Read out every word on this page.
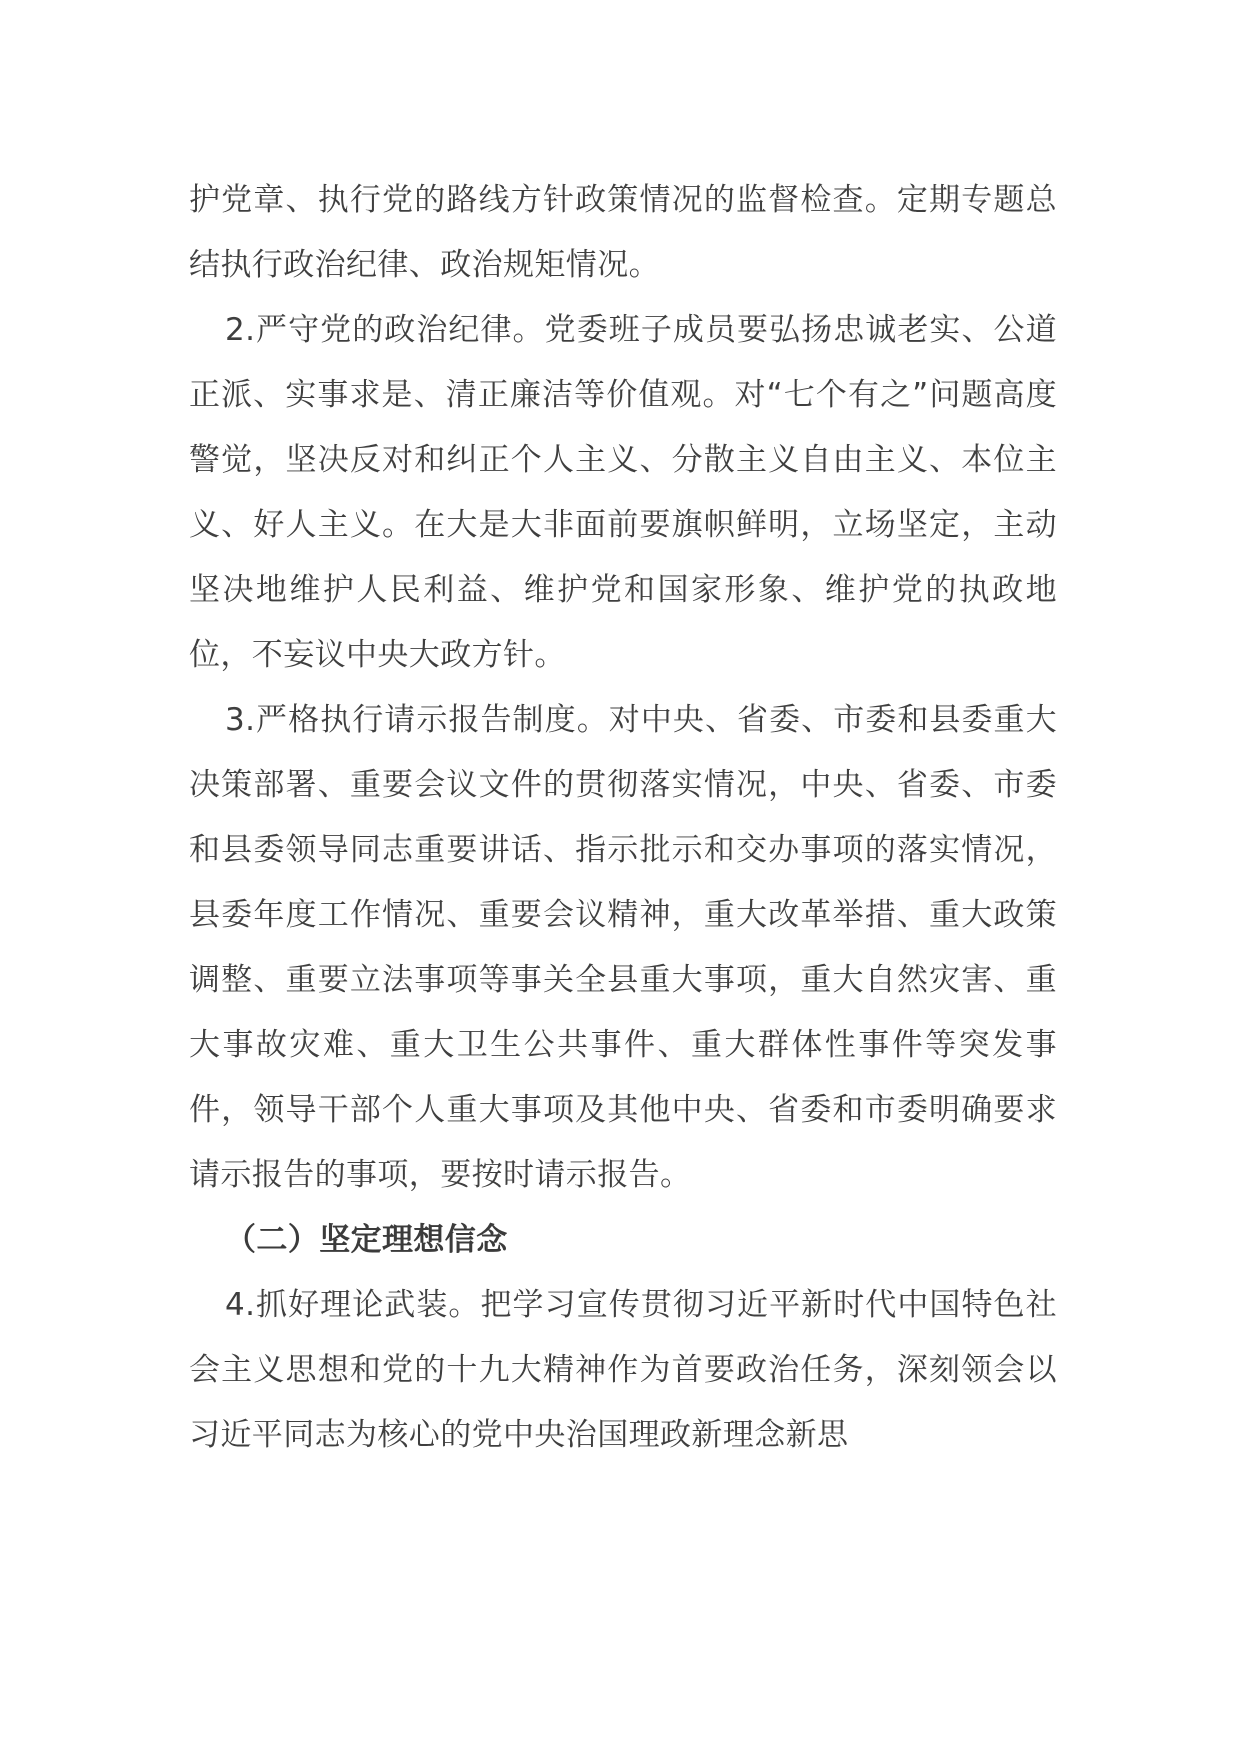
护党章、执行党的路线方针政策情况的监督检查。定期专题总结执行政治纪律、政治规矩情况。

2.严守党的政治纪律。党委班子成员要弘扬忠诚老实、公道正派、实事求是、清正廉洁等价值观。对“七个有之”问题高度警觉，坚决反对和纠正个人主义、分散主义自由主义、本位主义、好人主义。在大是大非面前要旗帜鲜明，立场坚定，主动坚决地维护人民利益、维护党和国家形象、维护党的执政地位，不妄议中央大政方针。

3.严格执行请示报告制度。对中央、省委、市委和县委重大决策部署、重要会议文件的贯彻落实情况，中央、省委、市委和县委领导同志重要讲话、指示批示和交办事项的落实情况，县委年度工作情况、重要会议精神，重大改革举措、重大政策调整、重要立法事项等事关全县重大事项，重大自然灾害、重大事故灾难、重大卫生公共事件、重大群体性事件等突发事件，领导干部个人重大事项及其他中央、省委和市委明确要求请示报告的事项，要按时请示报告。

（二）坚定理想信念

4.抓好理论武装。把学习宣传贯彻习近平新时代中国特色社会主义思想和党的十九大精神作为首要政治任务，深刻领会以习近平同志为核心的党中央治国理政新理念新思
